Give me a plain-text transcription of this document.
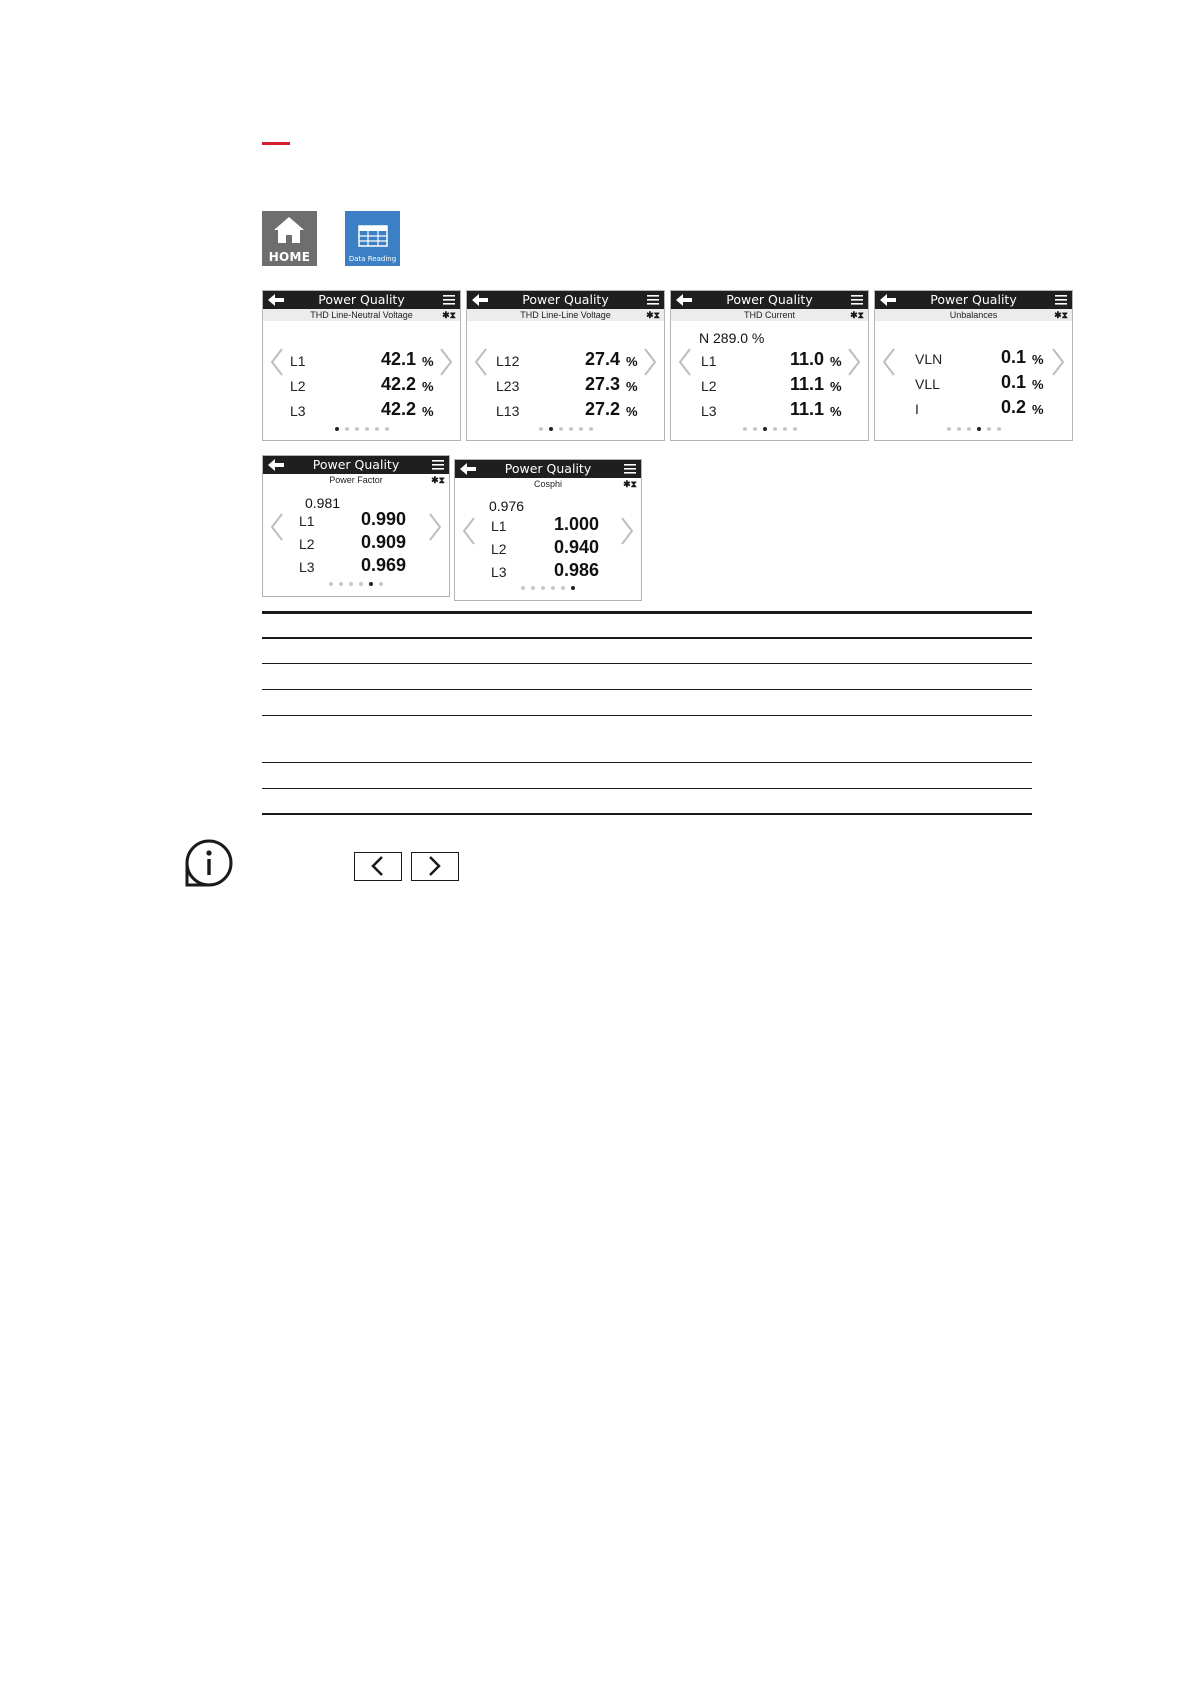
HOME	Data Reading
Power Quality
THD Line-Neutral Voltage	✱⧗
L1	42.1 %
L2	42.2 %
L3	42.2 %
Power Quality
THD Line-Line Voltage	✱⧗
L12	27.4 %
L23	27.3 %
L13	27.2 %
Power Quality
THD Current	✱⧗
N 289.0 %
L1	11.0 %
L2	11.1 %
L3	11.1 %
Power Quality
Unbalances	✱⧗
VLN	0.1 %
VLL	0.1 %
I	0.2 %
Power Quality
Power Factor	✱⧗
0.981
L1	0.990
L2	0.909
L3	0.969
Power Quality
Cosphi	✱⧗
0.976
L1	1.000
L2	0.940
L3	0.986
